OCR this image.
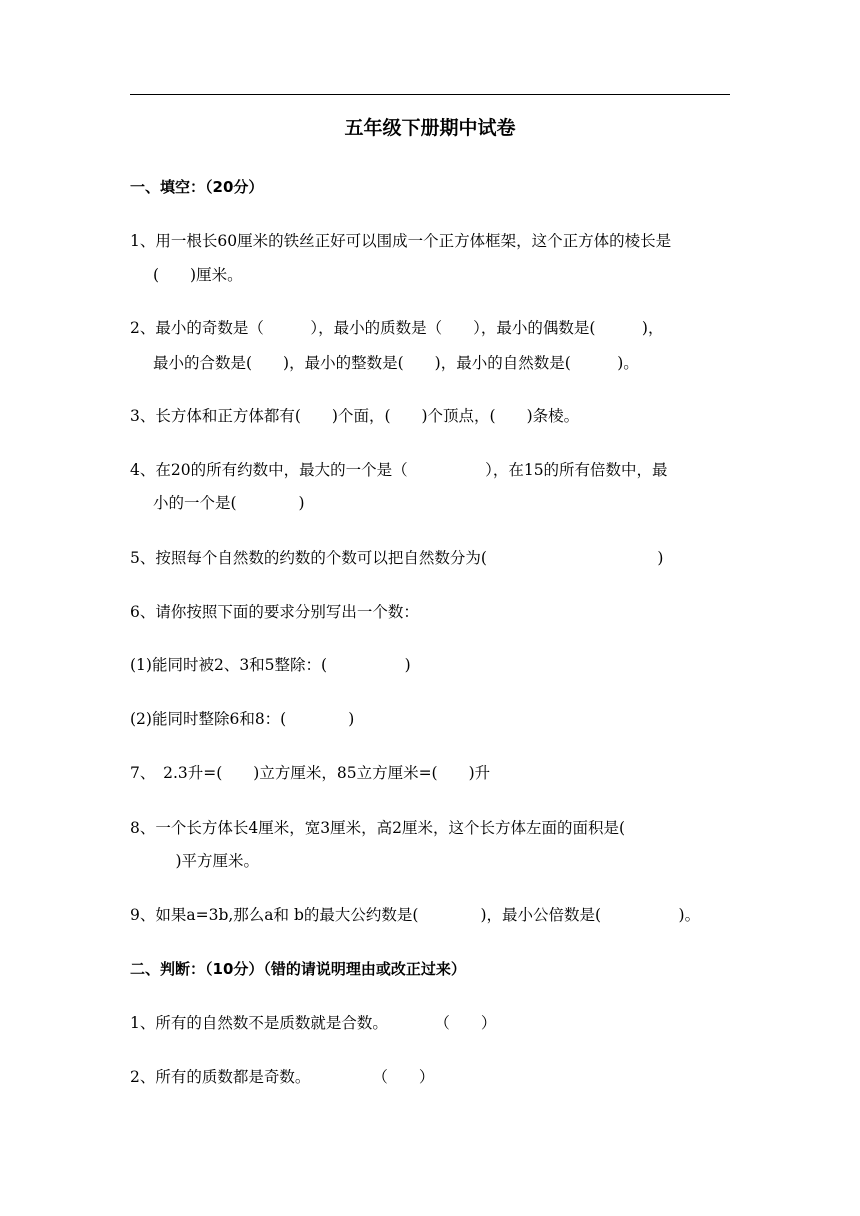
五年级下册期中试卷
一、填空：（20分）
1、用一根长60厘米的铁丝正好可以围成一个正方体框架，这个正方体的棱长是
(　　)厘米。
2、最小的奇数是（　　　），最小的质数是（　　），最小的偶数是(　　　)，
最小的合数是(　　)，最小的整数是(　　)，最小的自然数是(　　　)。
3、长方体和正方体都有(　　)个面，(　　)个顶点，(　　)条棱。
4、在20的所有约数中，最大的一个是（　　　　　），在15的所有倍数中，最
小的一个是(　　　　)
5、按照每个自然数的约数的个数可以把自然数分为(　　　　　　　　　　　)
6、请你按照下面的要求分别写出一个数：
(1)能同时被2、3和5整除：(　　　　　)
(2)能同时整除6和8：(　　　　)
7、　2.3升=(　　)立方厘米，85立方厘米=(　　)升
8、一个长方体长4厘米，宽3厘米，高2厘米，这个长方体左面的面积是(
　)平方厘米。
9、如果a=3b,那么a和 b的最大公约数是(　　　　)，最小公倍数是(　　　　　)。
二、判断：（10分）（错的请说明理由或改正过来）
1、所有的自然数不是质数就是合数。　　　　（　　）
2、所有的质数都是奇数。　　　　　（　　）
